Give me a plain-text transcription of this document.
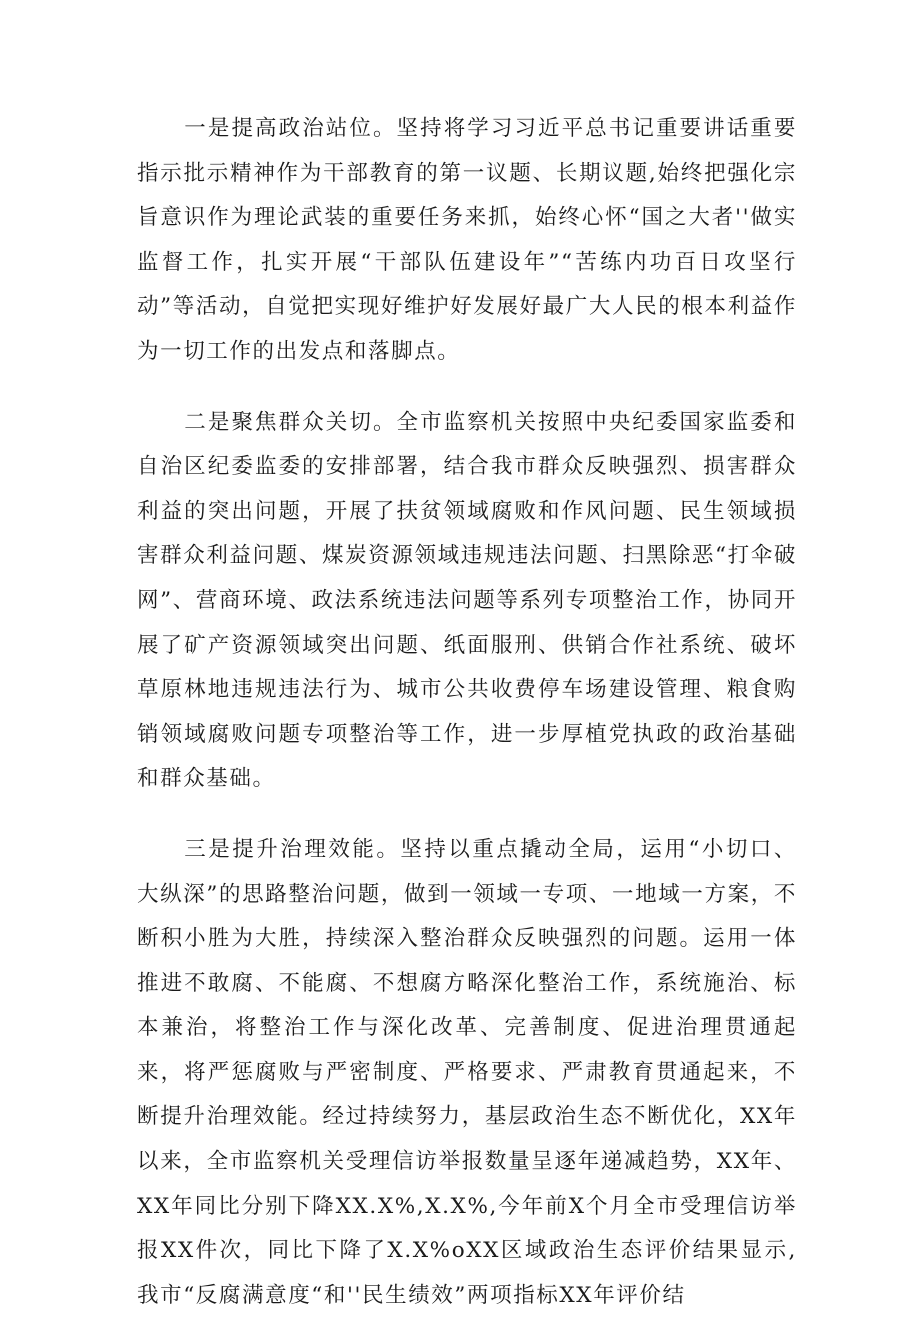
一是提高政治站位。坚持将学习习近平总书记重要讲话重要指示批示精神作为干部教育的第一议题、长期议题,始终把强化宗旨意识作为理论武装的重要任务来抓，始终心怀“国之大者''做实监督工作，扎实开展“干部队伍建设年”“苦练内功百日攻坚行动”等活动，自觉把实现好维护好发展好最广大人民的根本利益作为一切工作的出发点和落脚点。

二是聚焦群众关切。全市监察机关按照中央纪委国家监委和自治区纪委监委的安排部署，结合我市群众反映强烈、损害群众利益的突出问题，开展了扶贫领域腐败和作风问题、民生领域损害群众利益问题、煤炭资源领域违规违法问题、扫黑除恶“打伞破网”、营商环境、政法系统违法问题等系列专项整治工作，协同开展了矿产资源领域突出问题、纸面服刑、供销合作社系统、破坏草原林地违规违法行为、城市公共收费停车场建设管理、粮食购销领域腐败问题专项整治等工作，进一步厚植党执政的政治基础和群众基础。

三是提升治理效能。坚持以重点撬动全局，运用“小切口、大纵深”的思路整治问题，做到一领域一专项、一地域一方案，不断积小胜为大胜，持续深入整治群众反映强烈的问题。运用一体推进不敢腐、不能腐、不想腐方略深化整治工作，系统施治、标本兼治，将整治工作与深化改革、完善制度、促进治理贯通起来，将严惩腐败与严密制度、严格要求、严肃教育贯通起来，不断提升治理效能。经过持续努力，基层政治生态不断优化，XX年以来，全市监察机关受理信访举报数量呈逐年递减趋势，XX年、XX年同比分别下降XX.X%,X.X%,今年前X个月全市受理信访举报XX件次，同比下降了X.X%oXX区域政治生态评价结果显示,我市“反腐满意度“和''民生绩效”两项指标XX年评价结
